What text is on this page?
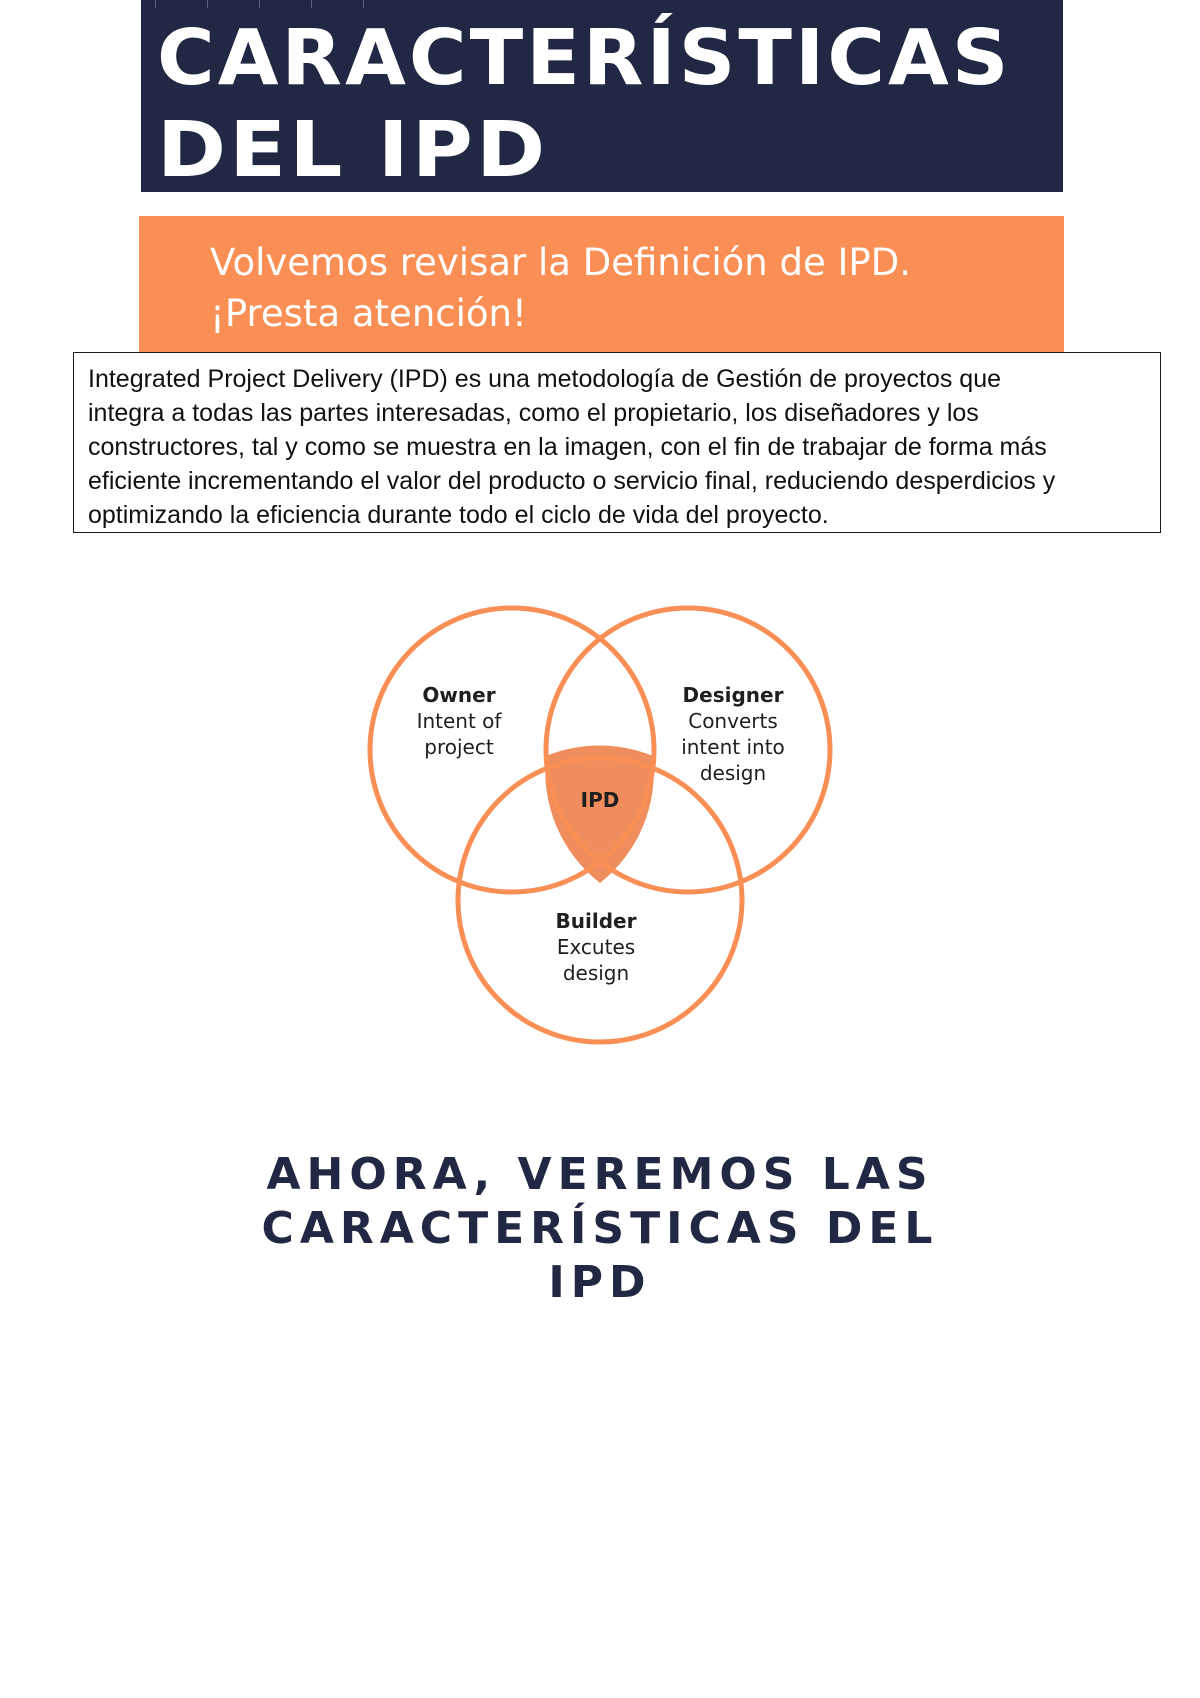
CARACTERÍSTICAS
DEL IPD

Volvemos revisar la Definición de IPD.

¡Presta atención!

Integrated Project Delivery (IPD) es una metodología de Gestión de proyectos que
integra a todas las partes interesadas, como el propietario, los diseñadores y los
constructores, tal y como se muestra en la imagen, con el fin de trabajar de forma más
eficiente incrementando el valor del producto o servicio final, reduciendo desperdicios y
optimizando la eficiencia durante todo el ciclo de vida del proyecto.

Owner
Intent of
project
Designer
Converts
intent into
design
IPD
Builder
Excutes
design
AHORA, VEREMOS LAS
CARACTERÍSTICAS DEL
IPD
